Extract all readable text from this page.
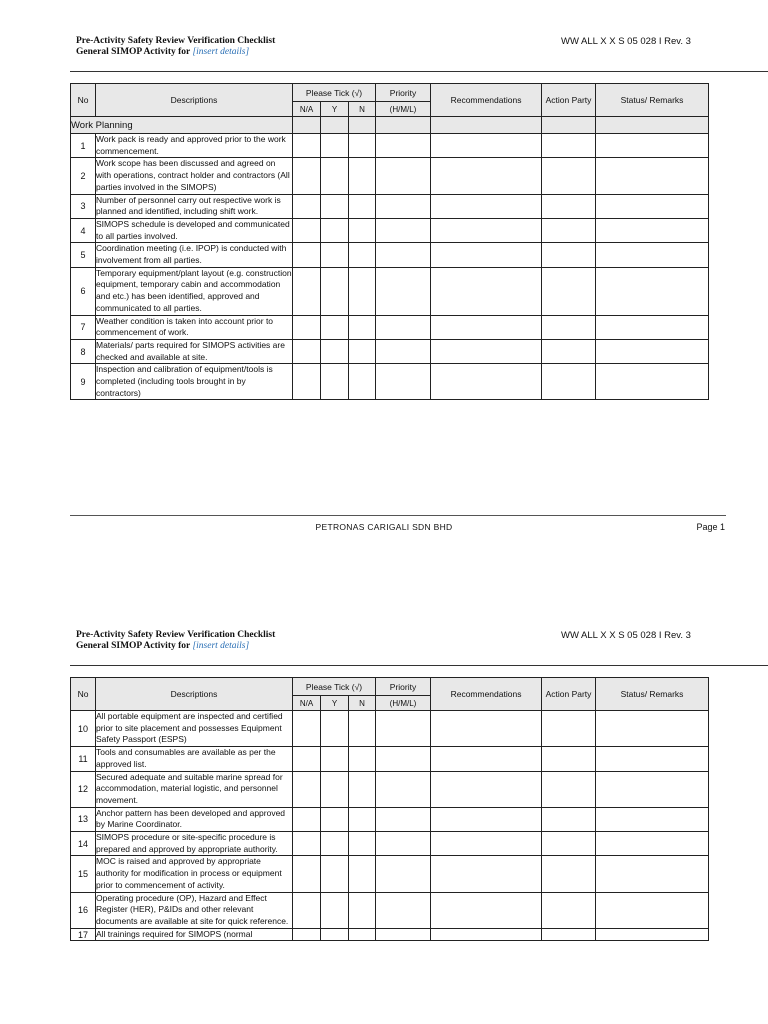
Pre-Activity Safety Review Verification Checklist
General SIMOP Activity for [insert details]
WW ALL X X S 05 028 I Rev. 3
No	Descriptions	Please Tick (√)			Priority	Recommendations	Action Party	Status/ Remarks
		N/A	Y	N	(H/M/L)			
Work Planning								
1	Work pack is ready and approved prior to the work commencement.							
2	Work scope has been discussed and agreed on with operations, contract holder and contractors (All parties involved in the SIMOPS)							
3	Number of personnel carry out respective work is planned and identified, including shift work.							
4	SIMOPS schedule is developed and communicated to all parties involved.							
5	Coordination meeting (i.e. IPOP) is conducted with involvement from all parties.							
6	Temporary equipment/plant layout (e.g. construction equipment, temporary cabin and accommodation and etc.) has been identified, approved and communicated to all parties.							
7	Weather condition is taken into account prior to commencement of work.							
8	Materials/ parts required for SIMOPS activities are checked and available at site.							
9	Inspection and calibration of equipment/tools is completed (including tools brought in by contractors)							
PETRONAS CARIGALI SDN BHD	Page 1
Pre-Activity Safety Review Verification Checklist
General SIMOP Activity for [insert details]
WW ALL X X S 05 028 I Rev. 3
No	Descriptions	Please Tick (√)			Priority	Recommendations	Action Party	Status/ Remarks
		N/A	Y	N	(H/M/L)			
10	All portable equipment are inspected and certified prior to site placement and possesses Equipment Safety Passport (ESPS)							
11	Tools and consumables are available as per the approved list.							
12	Secured adequate and suitable marine spread for accommodation, material logistic, and personnel movement.							
13	Anchor pattern has been developed and approved by Marine Coordinator.							
14	SIMOPS procedure or site-specific procedure is prepared and approved by appropriate authority.							
15	MOC is raised and approved by appropriate authority for modification in process or equipment prior to commencement of activity.							
16	Operating procedure (OP), Hazard and Effect Register (HER), P&IDs and other relevant documents are available at site for quick reference.							
17	All trainings required for SIMOPS (normal							
